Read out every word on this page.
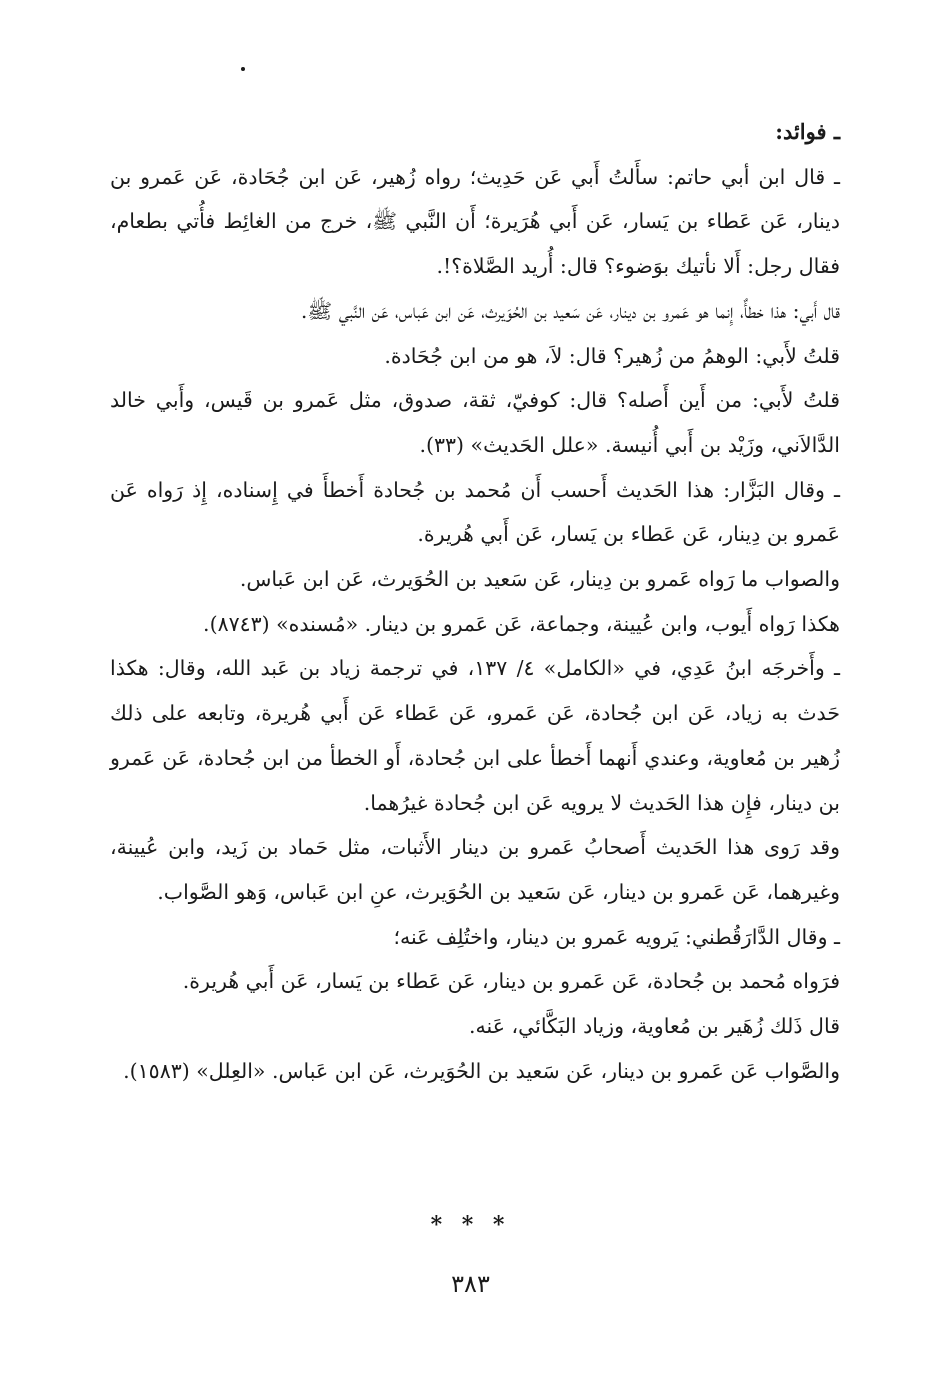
ـ فوائد:

ـ قال ابن أبي حاتم: سأَلتُ أَبي عَن حَدِيث؛ رواه زُهير، عَن ابن جُحَادة، عَن عَمرو بن دينار، عَن عَطاء بن يَسار، عَن أَبي هُرَيرة؛ أَن النَّبي ﷺ، خرج من الغائِط فأُتي بطعام، فقال رجل: أَلا نأتيك بوَضوء؟ قال: أُريد الصَّلاة؟!.

قال أَبي: هذا خطأٌ، إِنما هو عَمرو بن دينار، عَن سَعيد بن الحُوَيرث، عَن ابن عَباس، عَن النَّبي ﷺ.

قلتُ لأَبي: الوهمُ من زُهير؟ قال: لاَ، هو من ابن جُحَادة.

قلتُ لأَبي: من أَين أَصله؟ قال: كوفيّ، ثقة، صدوق، مثل عَمرو بن قَيس، وأَبي خالد الدَّالاَني، وزَيْد بن أَبي أُنيسة. «علل الحَديث» (٣٣).

ـ وقال البَزَّار: هذا الحَديث أَحسب أَن مُحمد بن جُحادة أَخطأَ في إِسناده، إِذ رَواه عَن عَمرو بن دِينار، عَن عَطاء بن يَسار، عَن أَبي هُريرة.

والصواب ما رَواه عَمرو بن دِينار، عَن سَعيد بن الحُوَيرث، عَن ابن عَباس.

هكذا رَواه أَيوب، وابن عُيينة، وجماعة، عَن عَمرو بن دينار. «مُسنده» (٨٧٤٣).

ـ وأَخرجَه ابنُ عَدِي، في «الكامل» ٤/ ١٣٧، في ترجمة زياد بن عَبد الله، وقال: هكذا حَدث به زياد، عَن ابن جُحادة، عَن عَمرو، عَن عَطاء عَن أَبي هُريرة، وتابعه على ذلك زُهير بن مُعاوية، وعندي أَنهما أَخطأ على ابن جُحادة، أَو الخطأ من ابن جُحادة، عَن عَمرو بن دينار، فإِن هذا الحَديث لا يرويه عَن ابن جُحادة غيرُهما.

وقد رَوى هذا الحَديث أَصحابُ عَمرو بن دينار الأَثبات، مثل حَماد بن زَيد، وابن عُيينة، وغيرهما، عَن عَمرو بن دينار، عَن سَعيد بن الحُوَيرث، عنِ ابن عَباس، وَهو الصَّواب.

ـ وقال الدَّارَقُطني: يَرويه عَمرو بن دينار، واختُلِف عَنه؛

فرَواه مُحمد بن جُحادة، عَن عَمرو بن دينار، عَن عَطاء بن يَسار، عَن أَبي هُريرة.

قال ذَلك زُهَير بن مُعاوية، وزياد البَكَّائي، عَنه.

والصَّواب عَن عَمرو بن دينار، عَن سَعيد بن الحُوَيرث، عَن ابن عَباس. «العِلل» (١٥٨٣).

* * *
٣٨٣
